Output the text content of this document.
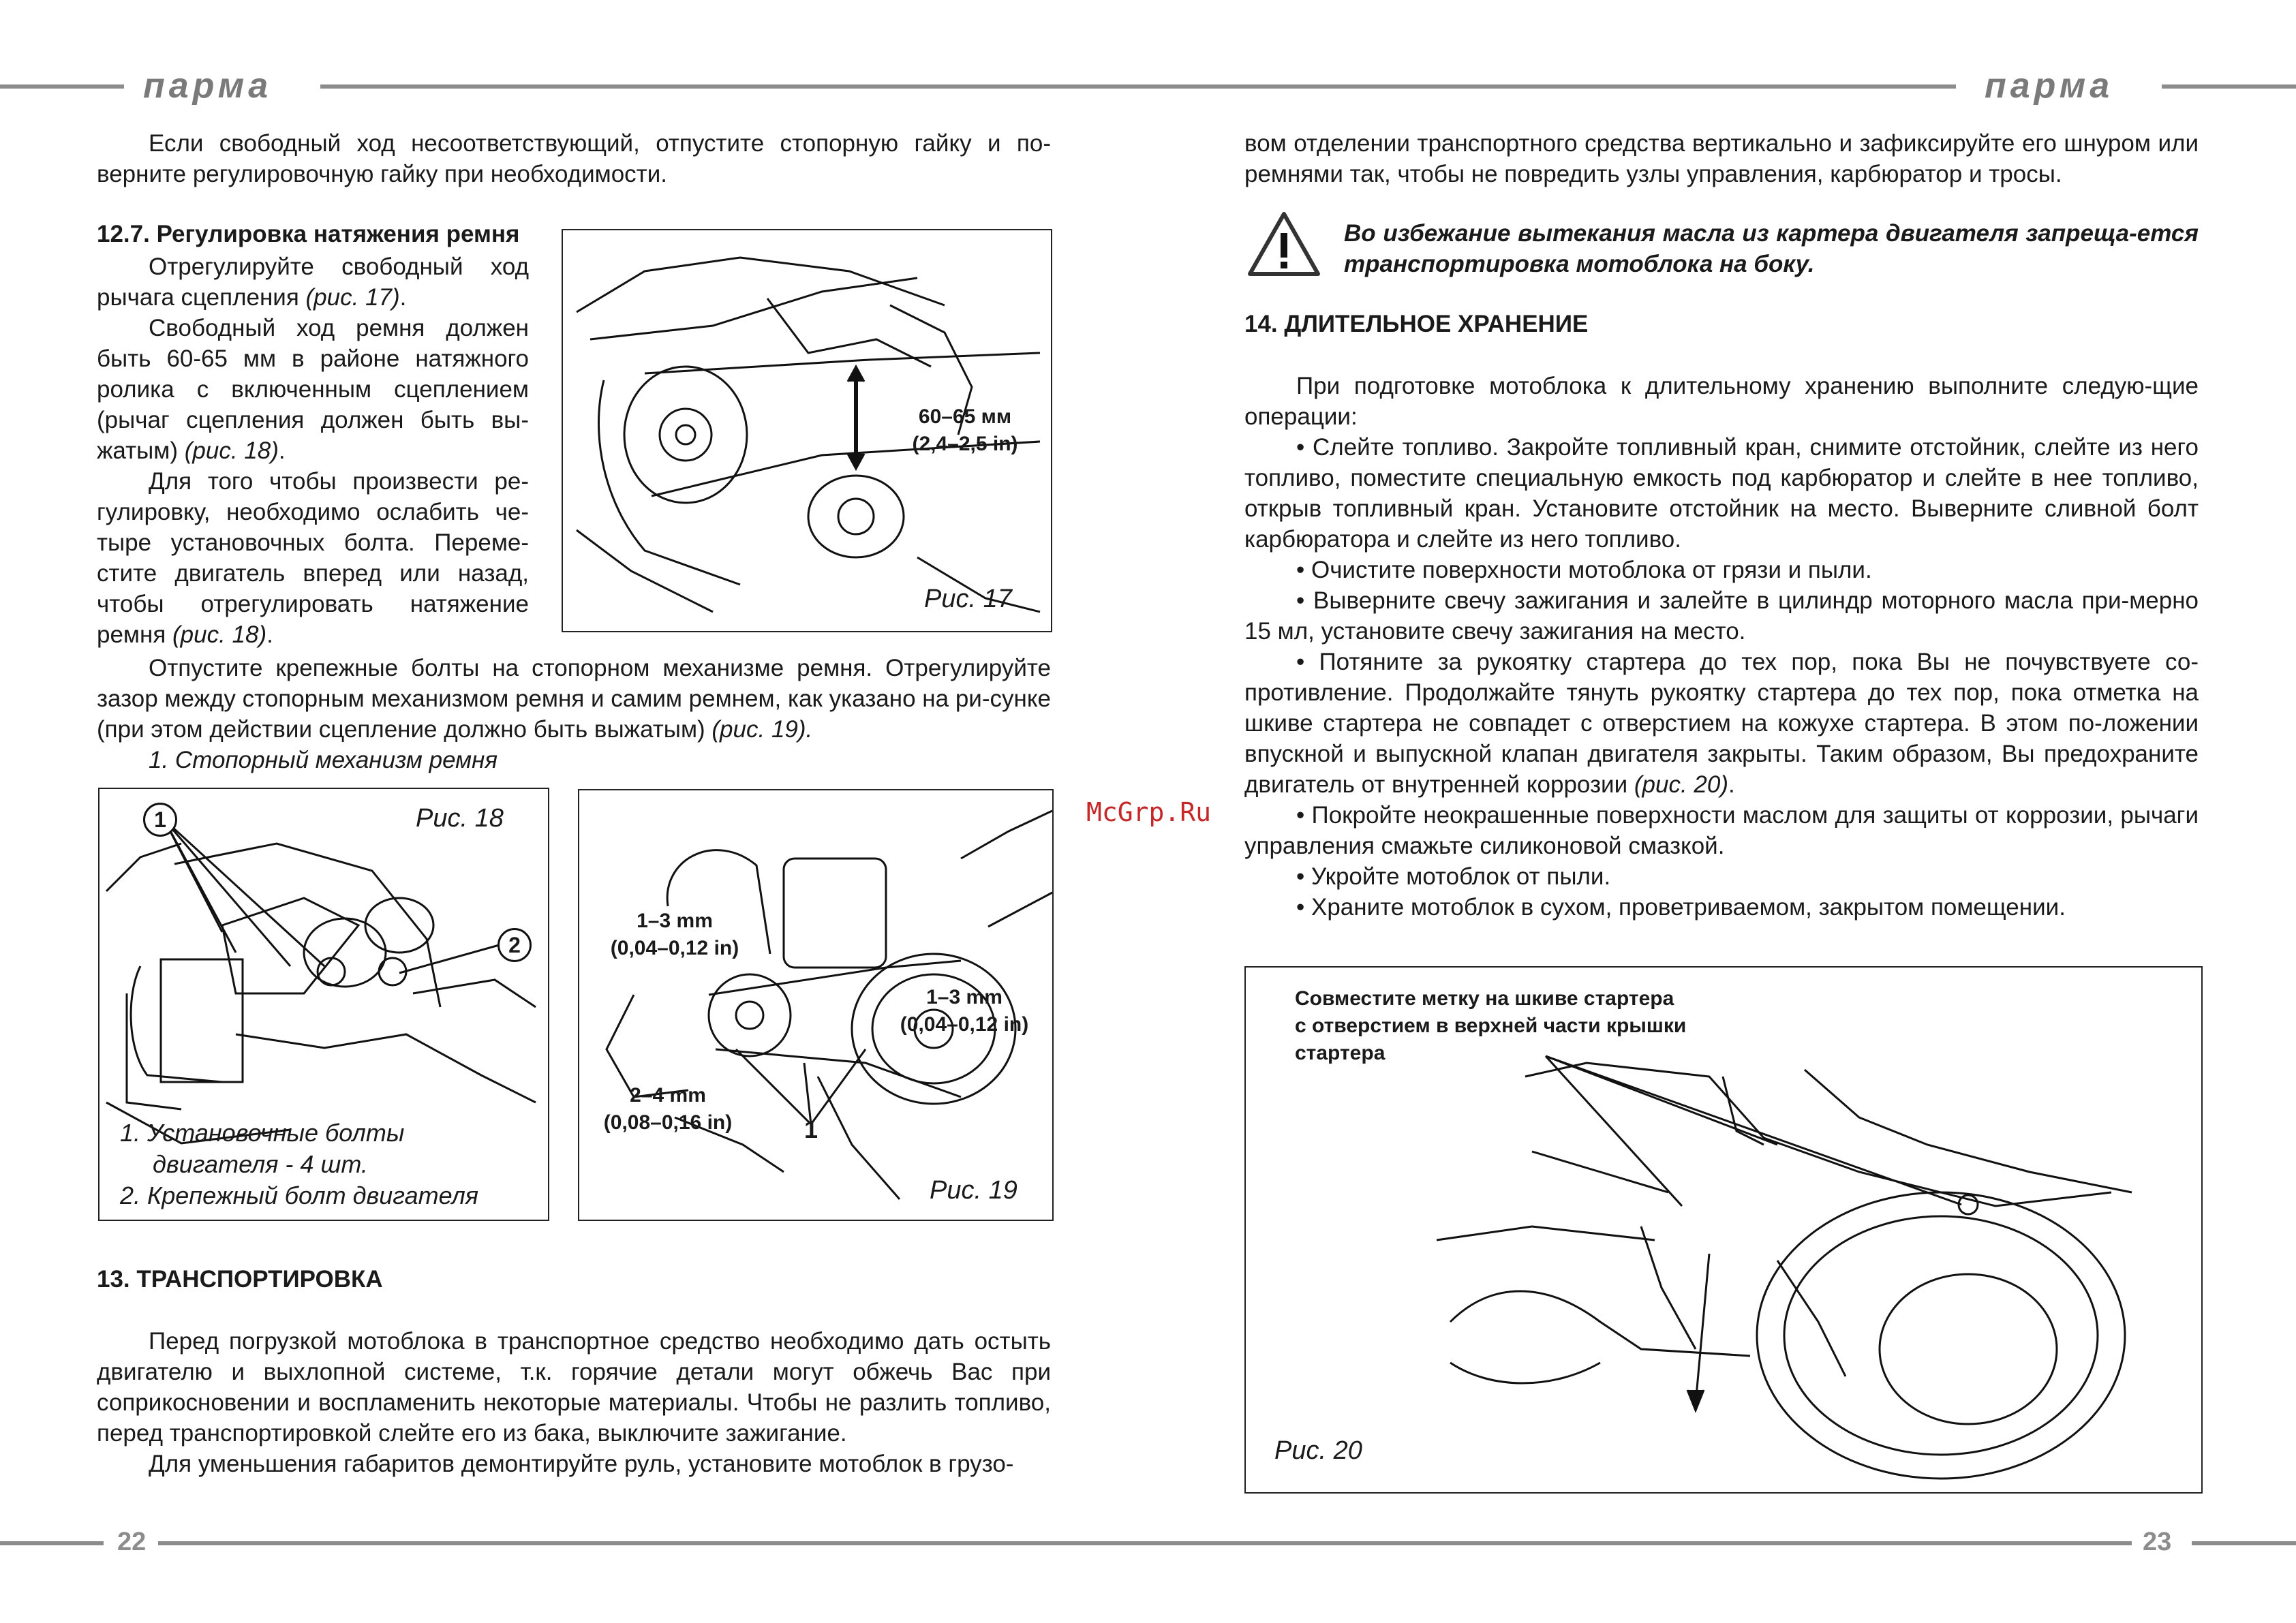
парма	парма

Если свободный ход несоответствующий, отпустите стопорную гайку и по-верните регулировочную гайку при необходимости.

12.7. Регулировка натяжения ремня

Отрегулируйте свободный ход рычага сцепления (рис. 17).

Свободный ход ремня должен быть 60-65 мм в районе натяжного ролика с включенным сцеплением (рычаг сцепления должен быть вы-жатым) (рис. 18).

Для того чтобы произвести ре-гулировку, необходимо ослабить че-тыре установочных болта. Переме-стите двигатель вперед или назад, чтобы отрегулировать натяжение ремня (рис. 18).

Отпустите крепежные болты на стопорном механизме ремня. Отрегулируйте зазор между стопорным механизмом ремня и самим ремнем, как указано на ри-сунке (при этом действии сцепление должно быть выжатым) (рис. 19).

1. Стопорный механизм ремня

60–65 мм
(2,4–2,5 in)
Рис. 17
1
2
Рис. 18
1. Установочные болты
двигателя - 4 шт.
2. Крепежный болт двигателя
1–3 mm
(0,04–0,12 in)
1–3 mm
(0,04–0,12 in)
2–4 mm
(0,08–0,16 in)	1
Рис. 19
13. ТРАНСПОРТИРОВКА

Перед погрузкой мотоблока в транспортное средство необходимо дать остыть двигателю и выхлопной системе, т.к. горячие детали могут обжечь Вас при соприкосновении и воспламенить некоторые материалы. Чтобы не разлить топливо, перед транспортировкой слейте его из бака, выключите зажигание.

Для уменьшения габаритов демонтируйте руль, установите мотоблок в грузо-

McGrp.Ru

вом отделении транспортного средства вертикально и зафиксируйте его шнуром или ремнями так, чтобы не повредить узлы управления, карбюратор и тросы.

Во избежание вытекания масла из картера двигателя запреща-ется транспортировка мотоблока на боку.

14. ДЛИТЕЛЬНОЕ ХРАНЕНИЕ

При подготовке мотоблока к длительному хранению выполните следую-щие операции:

• Слейте топливо. Закройте топливный кран, снимите отстойник, слейте из него топливо, поместите специальную емкость под карбюратор и слейте в нее топливо, открыв топливный кран. Установите отстойник на место. Выверните сливной болт карбюратора и слейте из него топливо.

• Очистите поверхности мотоблока от грязи и пыли.

• Выверните свечу зажигания и залейте в цилиндр моторного масла при-мерно 15 мл, установите свечу зажигания на место.

• Потяните за рукоятку стартера до тех пор, пока Вы не почувствуете со-противление. Продолжайте тянуть рукоятку стартера до тех пор, пока отметка на шкиве стартера не совпадет с отверстием на кожухе стартера. В этом по-ложении впускной и выпускной клапан двигателя закрыты. Таким образом, Вы предохраните двигатель от внутренней коррозии (рис. 20).

• Покройте неокрашенные поверхности маслом для защиты от коррозии, рычаги управления смажьте силиконовой смазкой.

• Укройте мотоблок от пыли.

• Храните мотоблок в сухом, проветриваемом, закрытом помещении.

Совместите метку на шкиве стартера
с отверстием в верхней части крышки
стартера
Рис. 20
22	23
